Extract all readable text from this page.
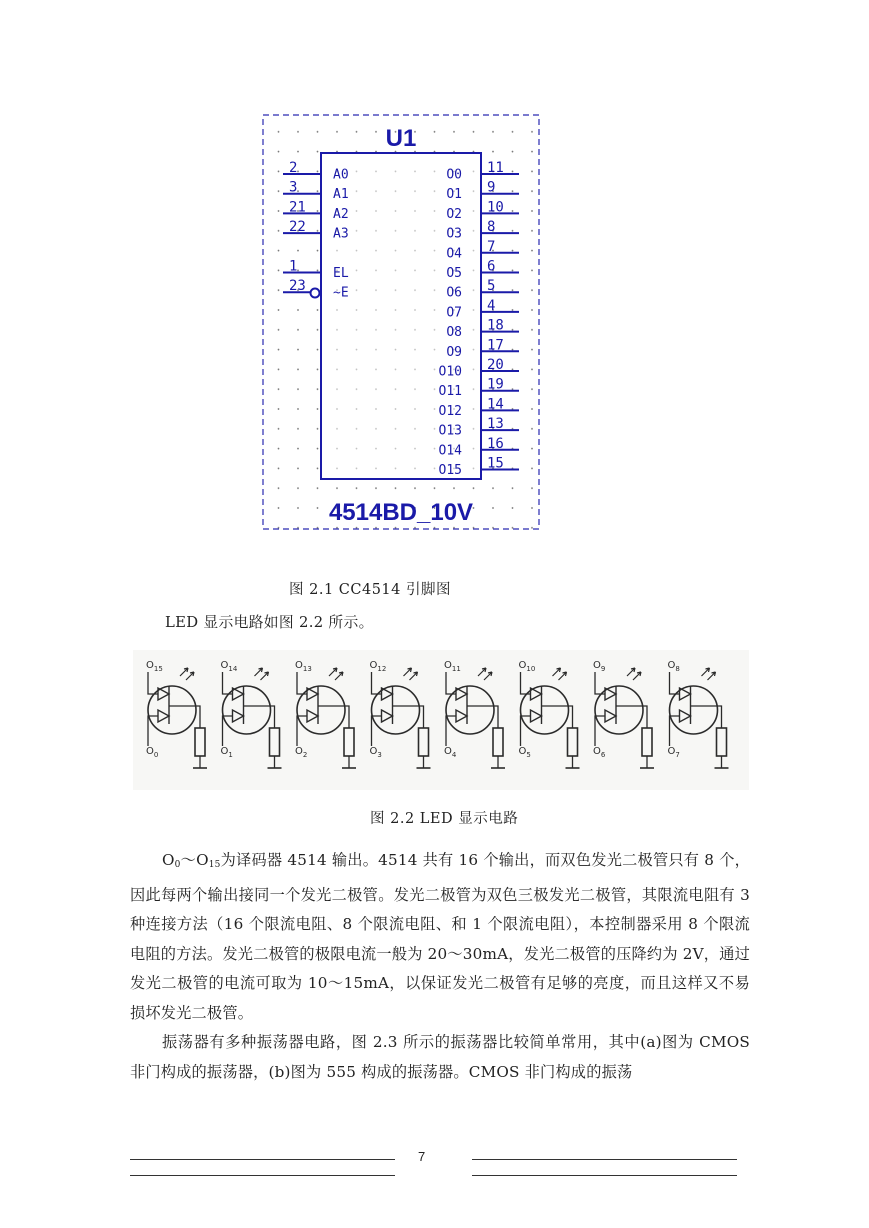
U1
2	A0
3	A1
21 A2
22 A3
1	EL
23 ~E
11
O0
9
O1
10
O2
8
O3
7
O4
6
O5
5
O6
4
O7
18
O8
17
O9
20
O10
19
O11
14
O12
13
O13
16
O14
15
O15
4514BD_10V
图 2.1 CC4514 引脚图
LED 显示电路如图 2.2 所示。
$O_{15}$
$O_0$
$O_{14}$
$O_1$
$O_{13}$
$O_2$
$O_{12}$
$O_3$
$O_{11}$
$O_4$
$O_{10}$
$O_5$
$O_9$
$O_6$
$O_8$
$O_7$
图 2.2 LED 显示电路

$O_0\sim O_{15}$为译码器 4514 输出。4514 共有 16 个输出，而双色发光二极管只有 8 个，因此每两个输出接同一个发光二极管。发光二极管为双色三极发光二极管，其限流电阻有 3 种连接方法（16 个限流电阻、8 个限流电阻、和 1 个限流电阻），本控制器采用 8 个限流电阻的方法。发光二极管的极限电流一般为 20～30mA，发光二极管的压降约为 2V，通过发光二极管的电流可取为 10～15mA，以保证发光二极管有足够的亮度，而且这样又不易损坏发光二极管。

振荡器有多种振荡器电路，图 2.3 所示的振荡器比较简单常用，其中(a)图为 CMOS 非门构成的振荡器，(b)图为 555 构成的振荡器。CMOS 非门构成的振荡

7
